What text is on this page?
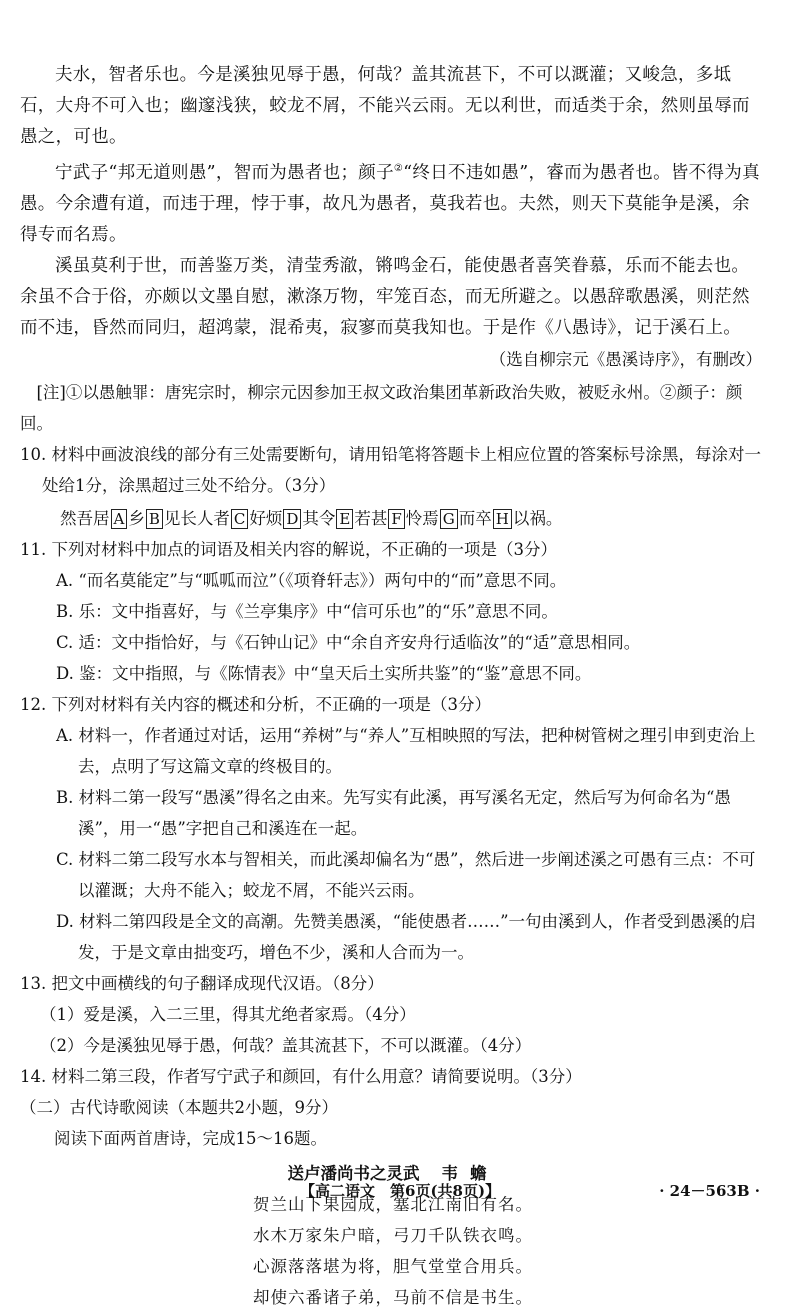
夫水，智者乐也。今是溪独见辱于愚，何哉？盖其流甚下，不可以溉灌；又峻急，多坻石，大舟不可入也；幽邃浅狭，蛟龙不屑，不能兴云雨。无以利世，而适类于余，然则虽辱而愚之，可也。

宁武子“邦无道则愚”，智而为愚者也；颜子②“终日不违如愚”，睿而为愚者也。皆不得为真愚。今余遭有道，而违于理，悖于事，故凡为愚者，莫我若也。夫然，则天下莫能争是溪，余得专而名焉。

溪虽莫利于世，而善鉴万类，清莹秀澈，锵鸣金石，能使愚者喜笑眷慕，乐而不能去也。余虽不合于俗，亦颇以文墨自慰，漱涤万物，牢笼百态，而无所避之。以愚辞歌愚溪，则茫然而不违，昏然而同归，超鸿蒙，混希夷，寂寥而莫我知也。于是作《八愚诗》，记于溪石上。

（选自柳宗元《愚溪诗序》，有删改）

[注]①以愚触罪：唐宪宗时，柳宗元因参加王叔文政治集团革新政治失败，被贬永州。②颜子：颜回。

10. 材料中画波浪线的部分有三处需要断句，请用铅笔将答题卡上相应位置的答案标号涂黑，每涂对一处给1分，涂黑超过三处不给分。（3分）

然吾居 A 乡 B 见长人者 C 好烦 D 其令 E 若甚 F 怜焉 G 而卒 H 以祸。

11. 下列对材料中加点的词语及相关内容的解说，不正确的一项是（3分）

A. “而名莫能定”与“呱呱而泣”（《项脊轩志》）两句中的“而”意思不同。

B. 乐：文中指喜好，与《兰亭集序》中“信可乐也”的“乐”意思不同。

C. 适：文中指恰好，与《石钟山记》中“余自齐安舟行适临汝”的“适”意思相同。

D. 鉴：文中指照，与《陈情表》中“皇天后土实所共鉴”的“鉴”意思不同。

12. 下列对材料有关内容的概述和分析，不正确的一项是（3分）

A. 材料一，作者通过对话，运用“养树”与“养人”互相映照的写法，把种树管树之理引申到吏治上去，点明了写这篇文章的终极目的。

B. 材料二第一段写“愚溪”得名之由来。先写实有此溪，再写溪名无定，然后写为何命名为“愚溪”，用一“愚”字把自己和溪连在一起。

C. 材料二第二段写水本与智相关，而此溪却偏名为“愚”，然后进一步阐述溪之可愚有三点：不可以灌溉；大舟不能入；蛟龙不屑，不能兴云雨。

D. 材料二第四段是全文的高潮。先赞美愚溪，“能使愚者……”一句由溪到人，作者受到愚溪的启发，于是文章由拙变巧，增色不少，溪和人合而为一。

13. 把文中画横线的句子翻译成现代汉语。（8分）

（1）爱是溪，入二三里，得其尤绝者家焉。（4分）

（2）今是溪独见辱于愚，何哉？盖其流甚下，不可以溉灌。（4分）

14. 材料二第三段，作者写宁武子和颜回，有什么用意？请简要说明。（3分）

（二）古代诗歌阅读（本题共2小题，9分）

阅读下面两首唐诗，完成15～16题。

送卢潘尚书之灵武 韦蟾

贺兰山下果园成，塞北江南旧有名。

水木万家朱户暗，弓刀千队铁衣鸣。

心源落落堪为将，胆气堂堂合用兵。

却使六番诸子弟，马前不信是书生。

【高二语文　第6页(共8页)】	· 24－563B ·
